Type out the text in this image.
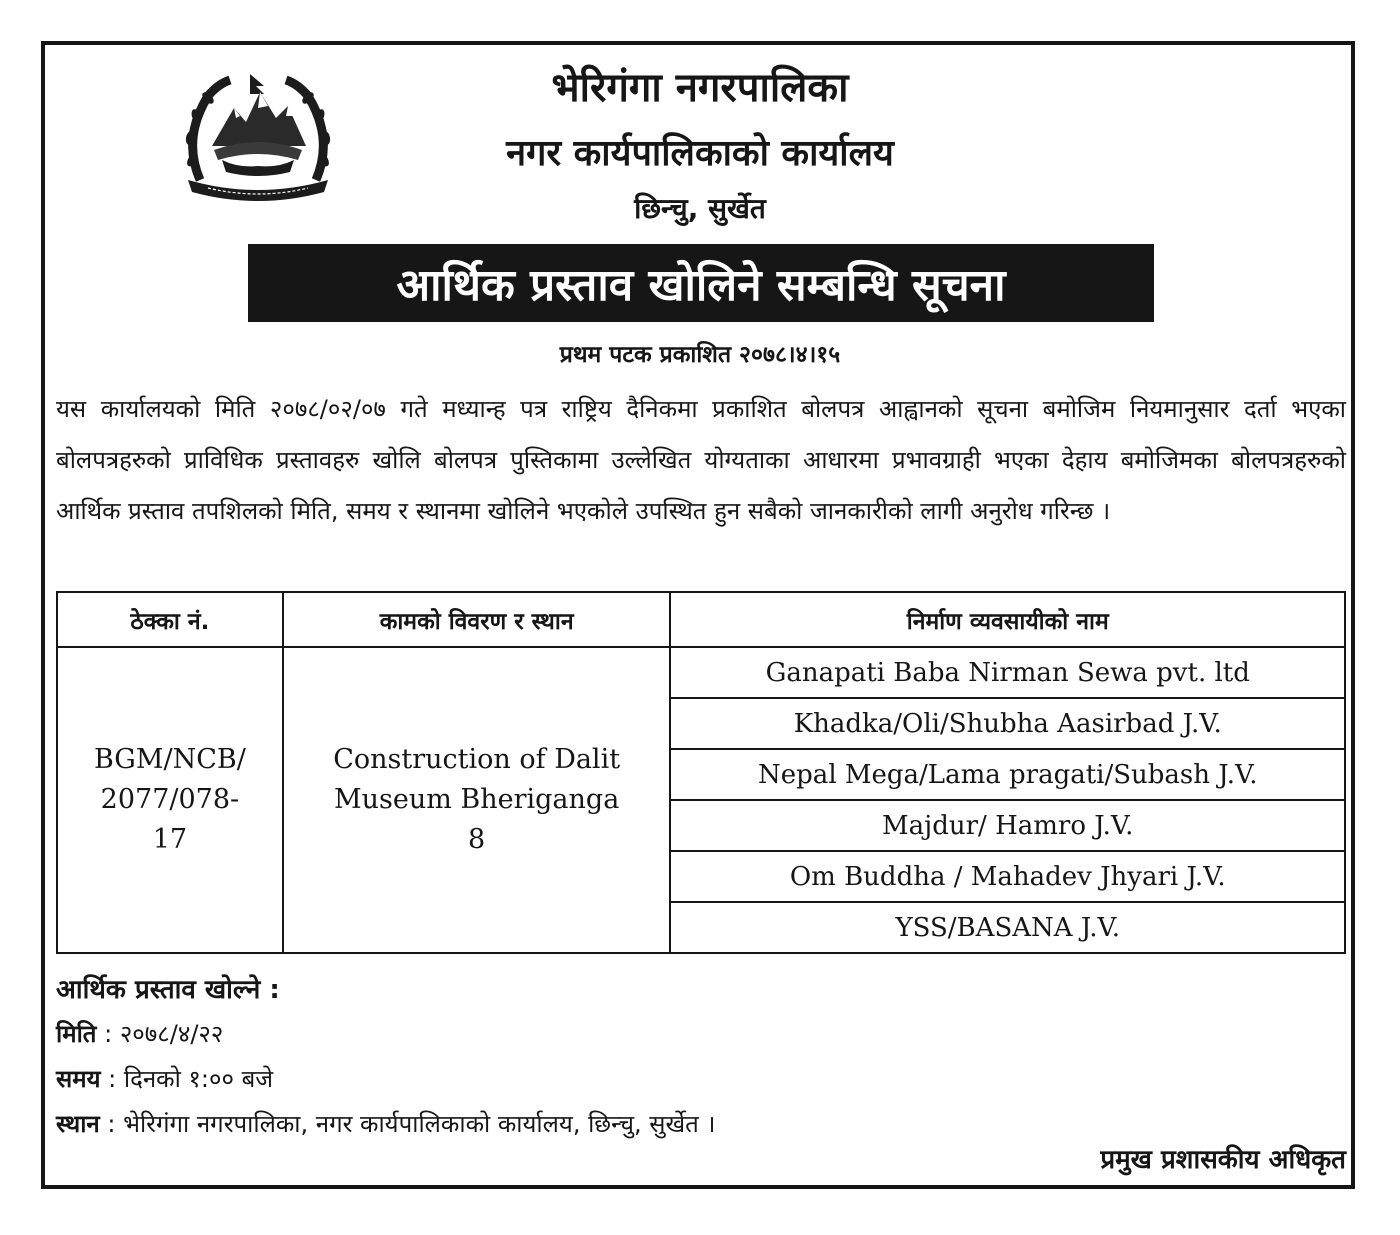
भेरिगंगा नगरपालिका
नगर कार्यपालिकाको कार्यालय
छिन्चु, सुर्खेत
आर्थिक प्रस्ताव खोलिने सम्बन्धि सूचना
प्रथम पटक प्रकाशित २०७८।४।१५
यस कार्यालयको मिति २०७८/०२/०७ गते मध्यान्ह पत्र राष्ट्रिय दैनिकमा प्रकाशित बोलपत्र आह्वानको सूचना बमोजिम नियमानुसार दर्ता भएका बोलपत्रहरुको प्राविधिक प्रस्तावहरु खोलि बोलपत्र पुस्तिकामा उल्लेखित योग्यताका आधारमा प्रभावग्राही भएका देहाय बमोजिमका बोलपत्रहरुको आर्थिक प्रस्ताव तपशिलको मिति, समय र स्थानमा खोलिने भएकोले उपस्थित हुन सबैको जानकारीको लागी अनुरोध गरिन्छ ।
ठेक्का नं.	कामको विवरण र स्थान	निर्माण व्यवसायीको नाम

BGM/NCB/ 2077/078-17	Construction of Dalit Museum Bheriganga 8	Ganapati Baba Nirman Sewa pvt. ltd
		Khadka/Oli/Shubha Aasirbad J.V.
		Nepal Mega/Lama pragati/Subash J.V.
		Majdur/ Hamro J.V.
		Om Buddha / Mahadev Jhyari J.V.
		YSS/BASANA J.V.
आर्थिक प्रस्ताव खोल्ने :
मिति : २०७८/४/२२
समय : दिनको १:०० बजे
स्थान : भेरिगंगा नगरपालिका, नगर कार्यपालिकाको कार्यालय, छिन्चु, सुर्खेत ।
प्रमुख प्रशासकीय अधिकृत
